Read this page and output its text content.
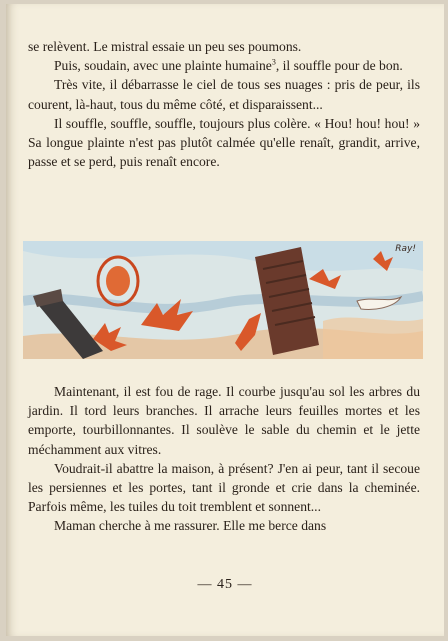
se relèvent. Le mistral essaie un peu ses poumons.

Puis, soudain, avec une plainte humaine$^3$, il souffle pour de bon.

Très vite, il débarrasse le ciel de tous ses nuages : pris de peur, ils courent, là-haut, tous du même côté, et disparaissent...

Il souffle, souffle, souffle, toujours plus colère. « Hou! hou! hou! » Sa longue plainte n'est pas plutôt calmée qu'elle renaît, grandit, arrive, passe et se perd, puis renaît encore.

Ray!

Maintenant, il est fou de rage. Il courbe jusqu'au sol les arbres du jardin. Il tord leurs branches. Il arrache leurs feuilles mortes et les emporte, tourbillonnantes. Il soulève le sable du chemin et le jette méchamment aux vitres.

Voudrait-il abattre la maison, à présent? J'en ai peur, tant il secoue les persiennes et les portes, tant il gronde et crie dans la cheminée. Parfois même, les tuiles du toit tremblent et sonnent...

Maman cherche à me rassurer. Elle me berce dans

— 45 —
